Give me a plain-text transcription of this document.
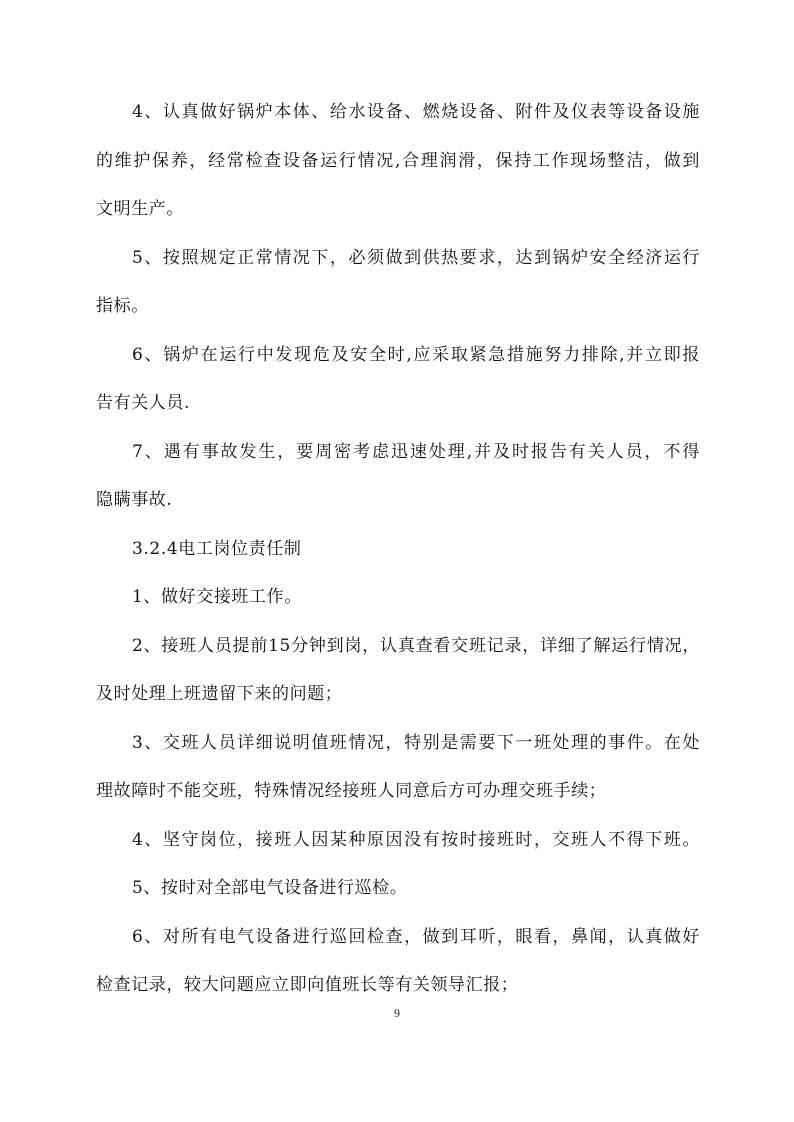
4、认真做好锅炉本体、给水设备、燃烧设备、附件及仪表等设备设施
的维护保养，经常检查设备运行情况,合理润滑，保持工作现场整洁，做到
文明生产。
5、按照规定正常情况下，必须做到供热要求，达到锅炉安全经济运行
指标。
6、锅炉在运行中发现危及安全时,应采取紧急措施努力排除,并立即报
告有关人员.
7、遇有事故发生，要周密考虑迅速处理,并及时报告有关人员，不得
隐瞒事故.
3.2.4电工岗位责任制
1、做好交接班工作。
2、接班人员提前15分钟到岗，认真查看交班记录，详细了解运行情况，
及时处理上班遗留下来的问题；
3、交班人员详细说明值班情况，特别是需要下一班处理的事件。在处
理故障时不能交班，特殊情况经接班人同意后方可办理交班手续；
4、坚守岗位，接班人因某种原因没有按时接班时，交班人不得下班。
5、按时对全部电气设备进行巡检。
6、对所有电气设备进行巡回检查，做到耳听，眼看，鼻闻，认真做好
检查记录，较大问题应立即向值班长等有关领导汇报；
9
